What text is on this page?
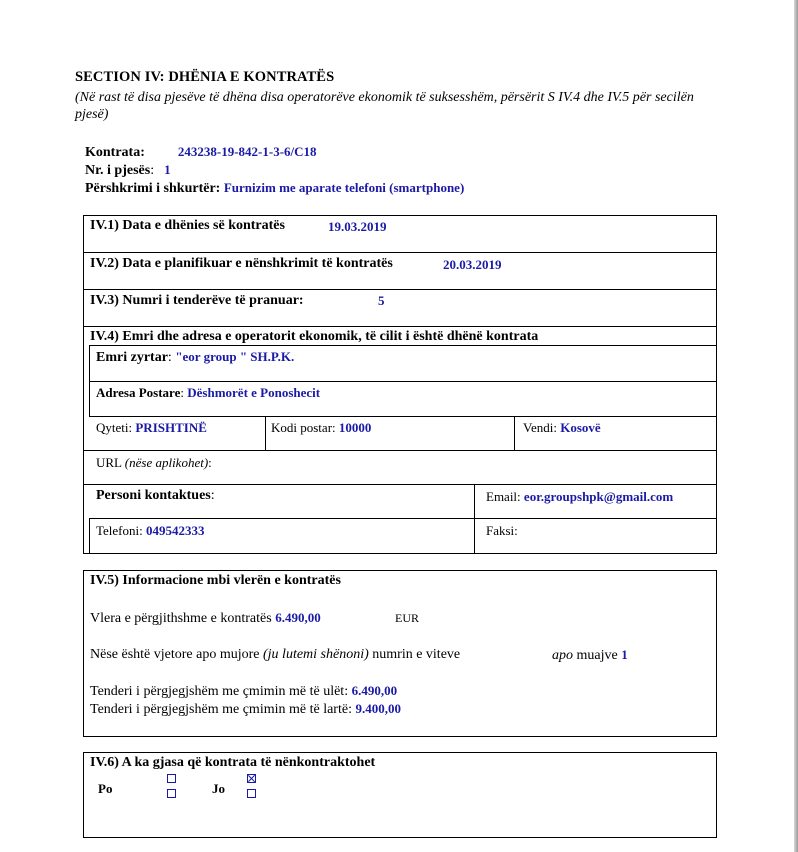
SECTION IV: DHËNIA E KONTRATËS
(Në rast të disa pjesëve të dhëna disa operatorëve ekonomik të suksesshëm, përsërit S IV.4 dhe IV.5 për secilën pjesë)
Kontrata:	243238-19-842-1-3-6/C18
Nr. i pjesës: 1
Përshkrimi i shkurtër: Furnizim me aparate telefoni (smartphone)
IV.1) Data e dhënies së kontratës	19.03.2019
IV.2) Data e planifikuar e nënshkrimit të kontratës	20.03.2019
IV.3) Numri i tenderëve të pranuar:	5
IV.4) Emri dhe adresa e operatorit ekonomik, të cilit i është dhënë kontrata
Emri zyrtar: "eor group " SH.P.K.
Adresa Postare: Dëshmorët e Ponoshecit
Qyteti: PRISHTINË	Kodi postar: 10000	Vendi: Kosovë
URL (nëse aplikohet):
Personi kontaktues:	Email: eor.groupshpk@gmail.com
Telefoni: 049542333	Faksi:
IV.5) Informacione mbi vlerën e kontratës
Vlera e përgjithshme e kontratës 6.490,00	EUR
Nëse është vjetore apo mujore (ju lutemi shënoni) numrin e viteve	apo muajve 1
Tenderi i përgjegjshëm me çmimin më të ulët: 6.490,00
Tenderi i përgjegjshëm me çmimin më të lartë: 9.400,00
IV.6) A ka gjasa që kontrata të nënkontraktohet
Po	Jo
